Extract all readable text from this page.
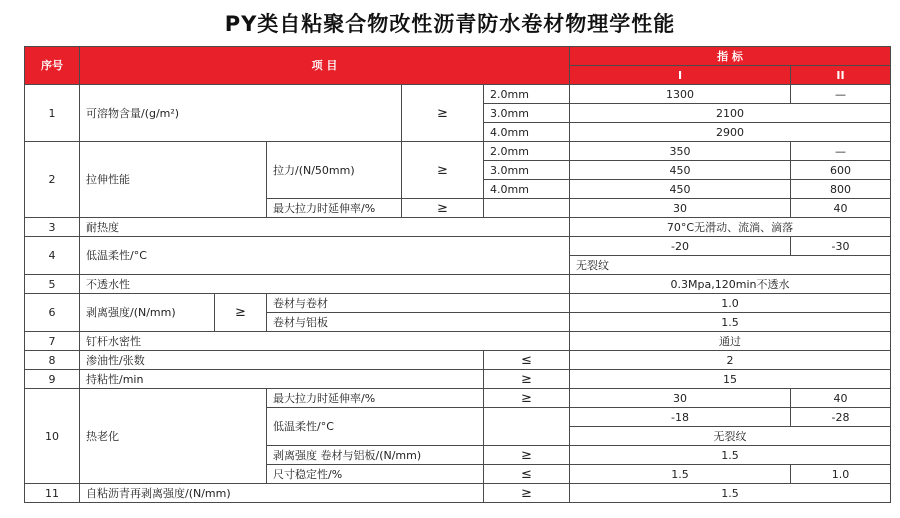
PY类自粘聚合物改性沥青防水卷材物理学性能
序号	项 目					指 标	
						I	II
1	可溶物含量/(g/m²)			≥	2.0mm	1300	—
					3.0mm	2100	
					4.0mm	2900	
2	拉伸性能		拉力/(N/50mm)	≥	2.0mm	350	—
					3.0mm	450	600
					4.0mm	450	800
			最大拉力时延伸率/%	≥		30	40
3	耐热度					70°C无滑动、流淌、滴落	
4	低温柔性/°C					-20	-30
						无裂纹	
5	不透水性					0.3Mpa,120min不透水	
6	剥离强度/(N/mm)	≥	卷材与卷材			1.0	
			卷材与铝板			1.5	
7	钉杆水密性					通过	
8	渗油性/张数				≤	2	
9	持粘性/min				≥	15	
10	热老化		最大拉力时延伸率/%		≥	30	40
			低温柔性/°C			-18	-28
						无裂纹	
			剥离强度 卷材与铝板/(N/mm)		≥	1.5	
			尺寸稳定性/%		≤	1.5	1.0
11	自粘沥青再剥离强度/(N/mm)				≥	1.5	
